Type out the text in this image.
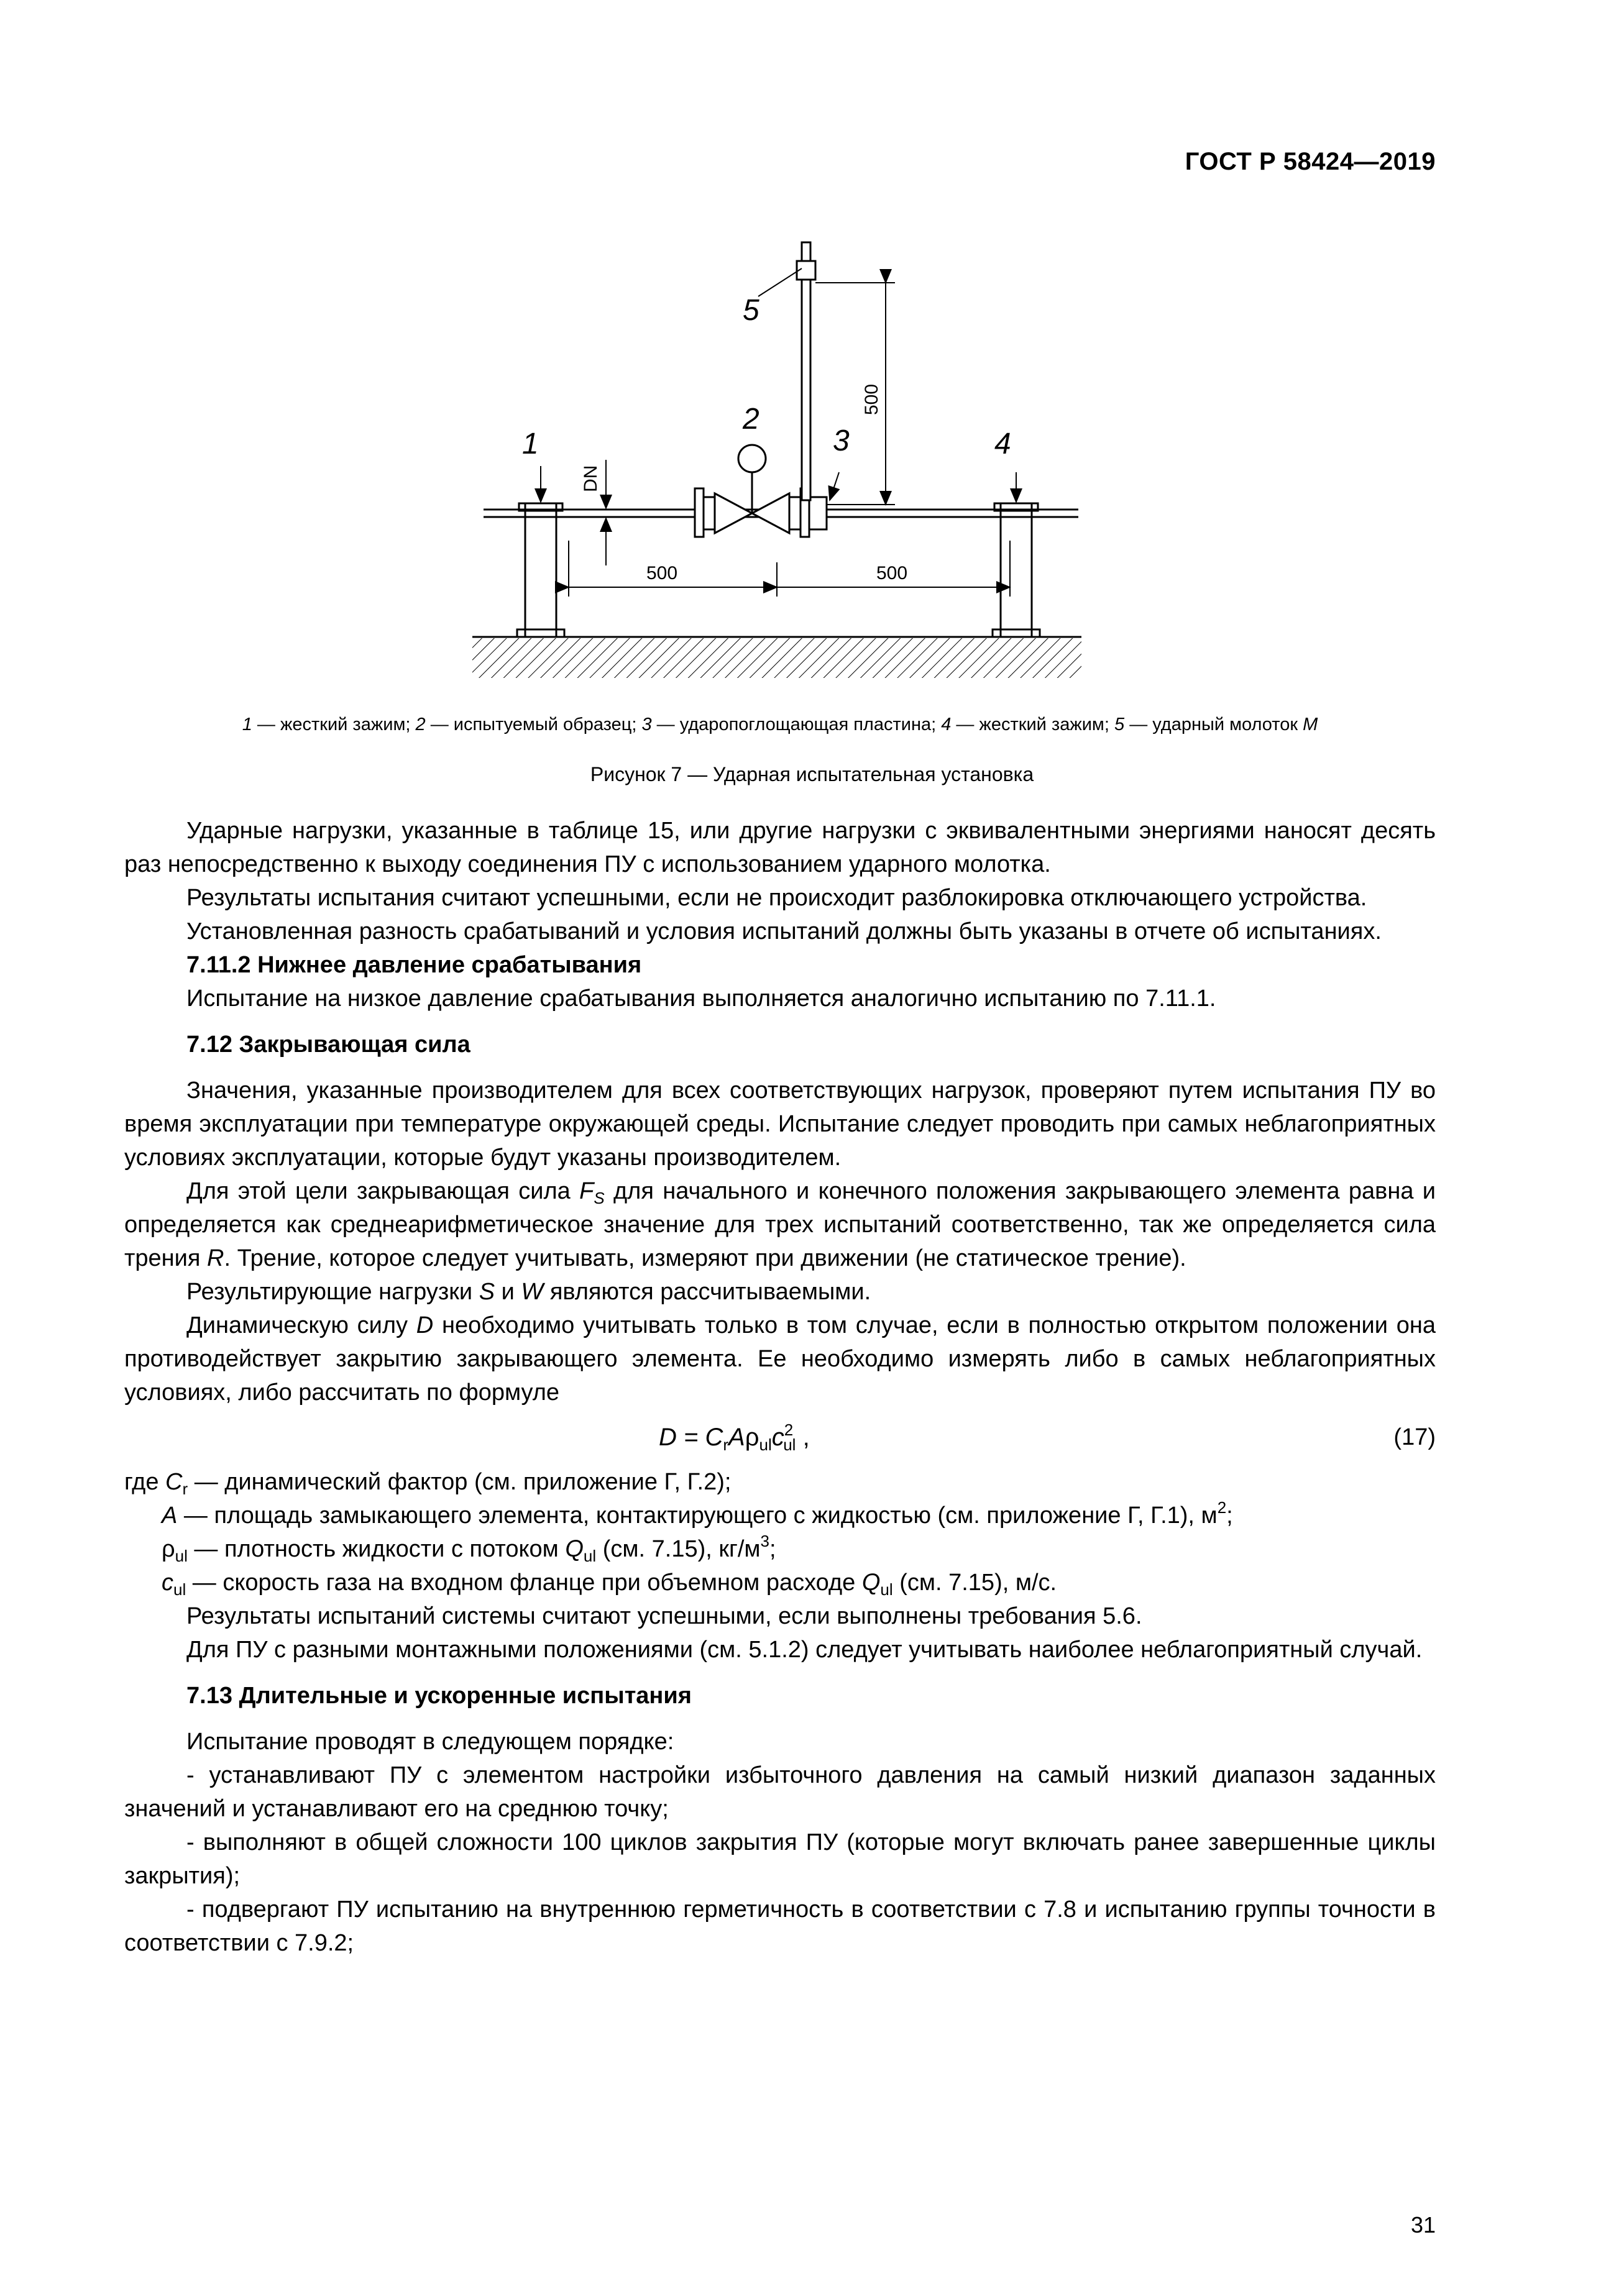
ГОСТ Р 58424—2019
1
2
3	4
5
500	500
500
DN
1 — жесткий зажим; 2 — испытуемый образец; 3 — удaропоглощающая пластина; 4 — жесткий зажим; 5 — ударный молоток M
Рисунок 7 — Ударная испытательная установка

Ударные нагрузки, указанные в таблице 15, или другие нагрузки с эквивалентными энергиями наносят десять раз непосредственно к выходу соединения ПУ с использованием ударного молотка.

Результаты испытания считают успешными, если не происходит разблокировка отключающего устройства.

Установленная разность срабатываний и условия испытаний должны быть указаны в отчете об испытаниях.

7.11.2 Нижнее давление срабатывания

Испытание на низкое давление срабатывания выполняется аналогично испытанию по 7.11.1.

7.12 Закрывающая сила

Значения, указанные производителем для всех соответствующих нагрузок, проверяют путем испытания ПУ во время эксплуатации при температуре окружающей среды. Испытание следует проводить при самых неблагоприятных условиях эксплуатации, которые будут указаны производителем.

Для этой цели закрывающая сила $F_S$ для начального и конечного положения закрывающего элемента равна и определяется как среднеарифметическое значение для трех испытаний соответственно, так же определяется сила трения R. Трение, которое следует учитывать, измеряют при движении (не статическое трение).

Результирующие нагрузки S и W являются рассчитываемыми.

Динамическую силу D необходимо учитывать только в том случае, если в полностью открытом положении она противодействует закрытию закрывающего элемента. Ее необходимо измерять либо в самых неблагоприятных условиях, либо рассчитать по формуле

$D = C_rA\rho_{ul}c^2_{ul}$ ,	(17)

где $C_r$ — динамический фактор (см. приложение Г, Г.2);

A — площадь замыкающего элемента, контактирующего с жидкостью (см. приложение Г, Г.1), $м^2$;

$\rho_{ul}$ — плотность жидкости с потоком $Q_{ul}$ (см. 7.15), $кг/м^3$;

$c_{ul}$ — скорость газа на входном фланце при объемном расходе $Q_{ul}$ (см. 7.15), м/с.

Результаты испытаний системы считают успешными, если выполнены требования 5.6.

Для ПУ с разными монтажными положениями (см. 5.1.2) следует учитывать наиболее неблагоприятный случай.

7.13 Длительные и ускоренные испытания

Испытание проводят в следующем порядке:

- устанавливают ПУ с элементом настройки избыточного давления на самый низкий диапазон заданных значений и устанавливают его на среднюю точку;

- выполняют в общей сложности 100 циклов закрытия ПУ (которые могут включать ранее завершенные циклы закрытия);

- подвергают ПУ испытанию на внутреннюю герметичность в соответствии с 7.8 и испытанию группы точности в соответствии с 7.9.2;

31
